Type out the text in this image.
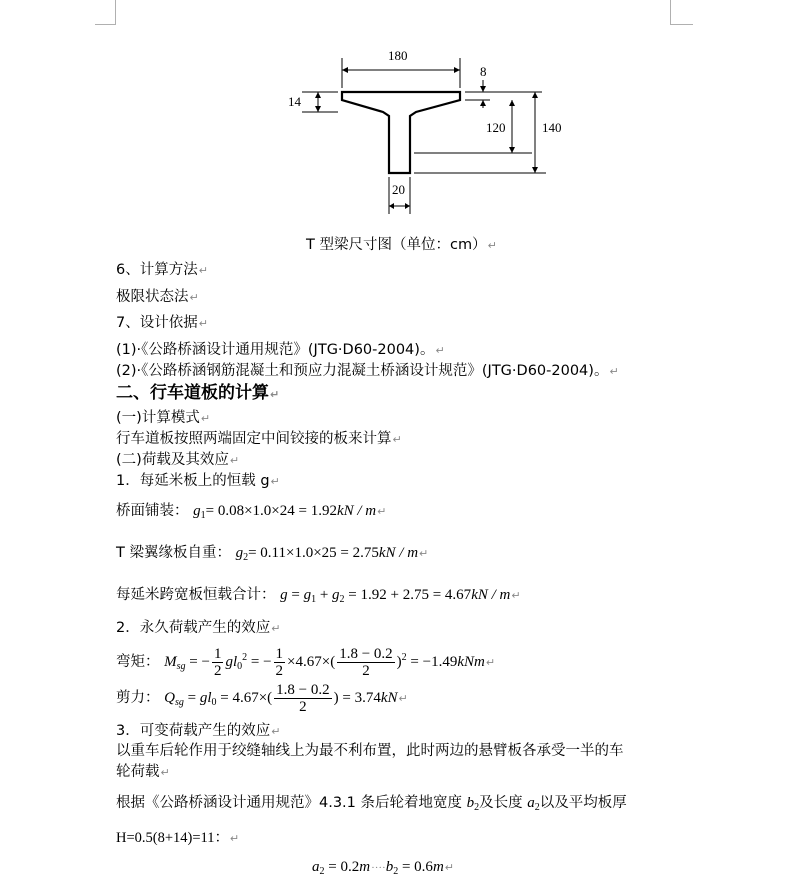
180
8
14
120	140
20
T 型梁尺寸图（单位：cm）↵
6、计算方法↵
极限状态法↵
7、设计依据↵
(1)·《公路桥涵设计通用规范》(JTG·D60-2004)。↵
(2)·《公路桥涵钢筋混凝土和预应力混凝土桥涵设计规范》(JTG·D60-2004)。↵
二、行车道板的计算↵
(一)计算模式↵
行车道板按照两端固定中间铰接的板来计算↵
(二)荷载及其效应↵
1．每延米板上的恒载 g↵
桥面铺装： $g_1= 0.08\times 1.0\times 24 = 1.92kN$ / m↵
T 梁翼缘板自重： $g_2= 0.11\times 1.0\times 25 = 2.75kN$ / m↵
每延米跨宽板恒载合计： $g = g_1 + g_2 = 1.92 + 2.75 = 4.67kN$ / m↵
2．永久荷载产生的效应↵
弯矩： $M_{sg}$ = − $\frac{1}{2} gl_0^2$ = − $\frac{1}{2} \times 4.67\times( \frac{1.8 - 0.2}{2} )^2$ = −1.49kNm↵
剪力： $Q_{sg} = gl_0 = 4.67\times( \frac{1.8 - 0.2}{2}$ ) = 3.74kN↵
3．可变荷载产生的效应↵
以重车后轮作用于绞缝轴线上为最不利布置，此时两边的悬臂板各承受一半的车
轮荷载↵
根据《公路桥涵设计通用规范》4.3.1 条后轮着地宽度 $b_2$及长度 $a_2$以及平均板厚
H=0.5(8+14)=11：↵
$a_2 = 0.2m\cdot\cdot\cdot\cdot b_2$ = 0.6m↵
